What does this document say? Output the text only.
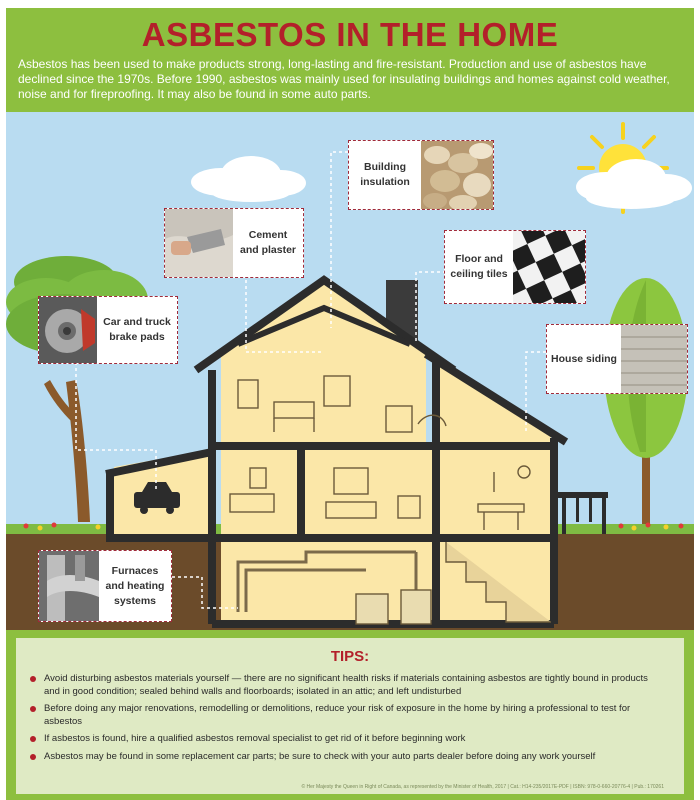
ASBESTOS IN THE HOME
Asbestos has been used to make products strong, long-lasting and fire-resistant. Production and use of asbestos have declined since the 1970s. Before 1990, asbestos was mainly used for insulating buildings and homes against cold weather, noise and for fireproofing. It may also be found in some auto parts.
Building
insulation
Cement
and plaster
Floor and
ceiling tiles
Car and truck
brake pads
House siding
Furnaces
and heating
systems
TIPS:
Avoid disturbing asbestos materials yourself — there are no significant health risks if materials containing asbestos are tightly bound in products and in good condition; sealed behind walls and floorboards; isolated in an attic; and left undisturbed
Before doing any major renovations, remodelling or demolitions, reduce your risk of exposure in the home by hiring a professional to test for asbestos
If asbestos is found, hire a qualified asbestos removal specialist to get rid of it before beginning work
Asbestos may be found in some replacement car parts; be sure to check with your auto parts dealer before doing any work yourself
© Her Majesty the Queen in Right of Canada, as represented by the Minister of Health, 2017 | Cat.: H14-235/2017E-PDF | ISBN: 978-0-660-20776-4 | Pub.: 170261
